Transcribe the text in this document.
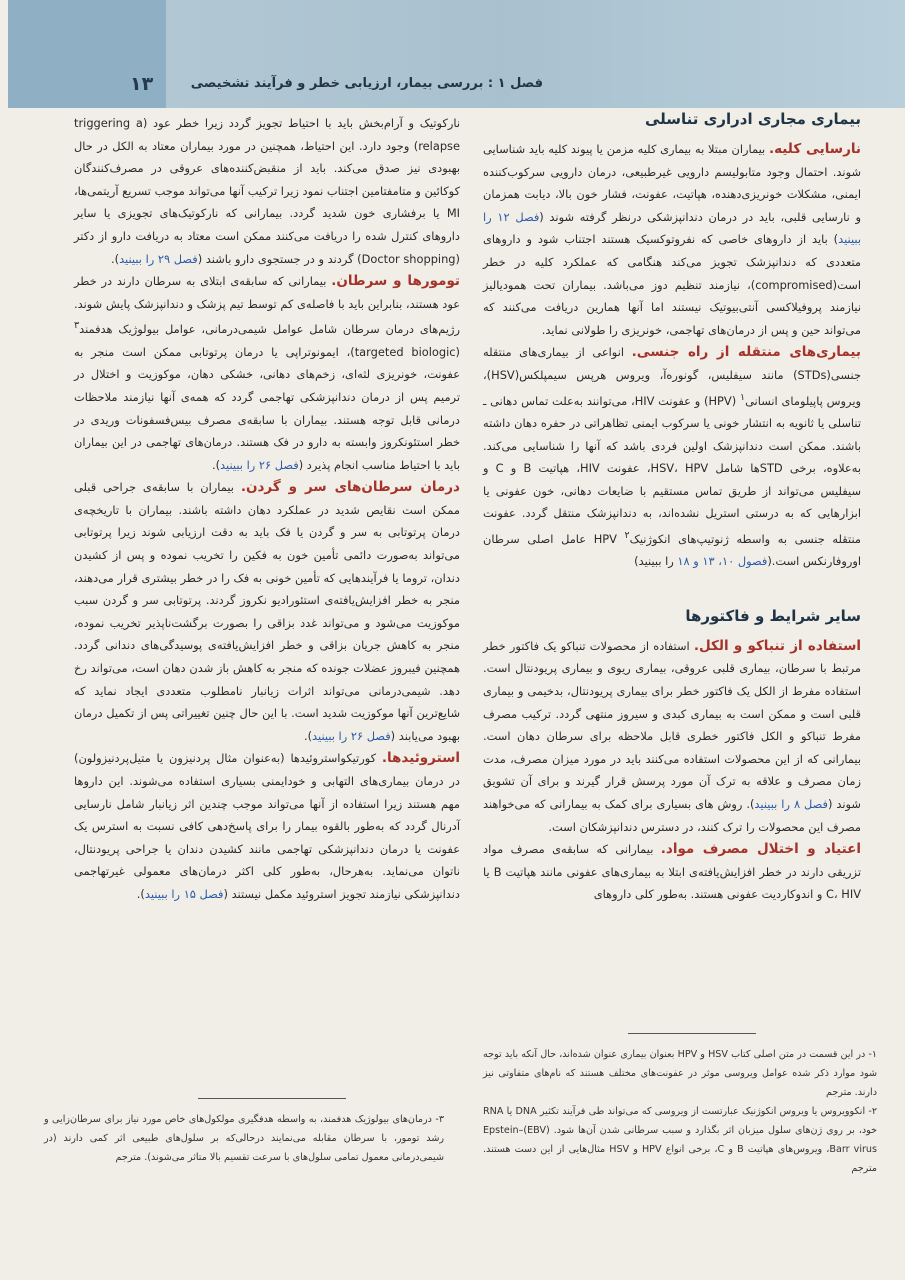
۱۳	فصل ۱ : بررسی بیمار، ارزیابی خطر و فرآیند تشخیصی
بیماری مجاری ادراری تناسلی

نارسایی کلیه. بیماران مبتلا به بیماری کلیه مزمن یا پیوند کلیه باید شناسایی شوند. احتمال وجود متابولیسم دارویی غیرطبیعی، درمان دارویی سرکوب‌کننده ایمنی، مشکلات خونریزی‌دهنده، هپاتیت، عفونت، فشار خون بالا، دیابت همزمان و نارسایی قلبی، باید در درمان دندانپزشکی درنظر گرفته شوند (فصل ۱۲ را ببینید) باید از داروهای خاصی که نفروتوکسیک هستند اجتناب شود و داروهای متعددی که دندانپزشک تجویز می‌کند هنگامی که عملکرد کلیه در خطر است(compromised)، نیازمند تنظیم دوز می‌باشد. بیماران تحت همودیالیز نیازمند پروفیلاکسی آنتی‌بیوتیک نیستند اما آنها همارین دریافت می‌کنند که می‌تواند حین و پس از درمان‌های تهاجمی، خونریزی را طولانی نماید.

بیماری‌های منتقله از راه جنسی. انواعی از بیماری‌های منتقله جنسی(STDs) مانند سیفلیس، گونوره‌آ، ویروس هرپس سیمپلکس(HSV)، ویروس پاپیلومای انسانی$^۱$ (HPV) و عفونت HIV، می‌توانند به‌علت تماس دهانی ـ تناسلی یا ثانویه به انتشار خونی یا سرکوب ایمنی تظاهراتی در حفره دهان داشته باشند. ممکن است دندانپزشک اولین فردی باشد که آنها را شناسایی می‌کند. به‌علاوه، برخی STDها شامل HSV، HPV، عفونت HIV، هپاتیت B و C و سیفلیس می‌تواند از طریق تماس مستقیم با ضایعات دهانی، خون عفونی یا ابزارهایی که به درستی استریل نشده‌اند، به دندانپزشک منتقل گردد. عفونت منتقله جنسی به واسطه ژنوتیپ‌های انکوژنیک$^۲$ HPV عامل اصلی سرطان اوروفارنکس است.(فصول ۱۰، ۱۳ و ۱۸ را ببینید)

سایر شرایط و فاکتورها

استفاده از تنباکو و الکل. استفاده از محصولات تنباکو یک فاکتور خطر مرتبط با سرطان، بیماری قلبی عروقی، بیماری ریوی و بیماری پریودنتال است. استفاده مفرط از الکل یک فاکتور خطر برای بیماری پریودنتال، بدخیمی و بیماری قلبی است و ممکن است به بیماری کبدی و سیروز منتهی گردد. ترکیب مصرف مفرط تنباکو و الکل فاکتور خطری قابل ملاحظه برای سرطان دهان است. بیمارانی که از این محصولات استفاده می‌کنند باید در مورد میزان مصرف، مدت زمان مصرف و علاقه به ترک آن مورد پرسش قرار گیرند و برای آن تشویق شوند (فصل ۸ را ببینید). روش‌ های بسیاری برای کمک به بیمارانی که می‌خواهند مصرف این محصولات را ترک کنند، در دسترس دندانپزشکان است.

اعتیاد و اختلال مصرف مواد. بیمارانی که سابقه‌ی مصرف مواد تزریقی دارند در خطر افزایش‌یافته‌ی ابتلا به بیماری‌های عفونی مانند هپاتیت B یا C، HIV و اندوکاردیت عفونی هستند. به‌طور کلی داروهای

نارکوتیک و آرام‌بخش باید با احتیاط تجویز گردد زیرا خطر عود (triggering a relapse) وجود دارد. این احتیاط، همچنین در مورد بیماران معتاد به الکل در حال بهبودی نیز صدق می‌کند. باید از منقبض‌کننده‌های عروقی در مصرف‌کنندگان کوکائین و متامفتامین اجتناب نمود زیرا ترکیب آنها می‌تواند موجب تسریع آریتمی‌ها، MI یا برفشاری خون شدید گردد. بیمارانی که نارکوتیک‌های تجویزی یا سایر داروهای کنترل شده را دریافت می‌کنند ممکن است معتاد به دریافت دارو از دکتر (Doctor shopping) گردند و در جستجوی دارو باشند (فصل ۲۹ را ببینید).

تومورها و سرطان. بیمارانی که سابقه‌ی ابتلای به سرطان دارند در خطر عود هستند، بنابراین باید با فاصله‌ی کم توسط تیم پزشک و دندانپزشک پایش شوند. رژیم‌های درمان سرطان شامل عوامل شیمی‌درمانی، عوامل بیولوژیک هدفمند$^۳$ (targeted biologic)، ایمونوتراپی یا درمان پرتوتابی ممکن است منجر به عفونت، خونریزی لثه‌ای، زخم‌های دهانی، خشکی دهان، موکوزیت و اختلال در ترمیم پس از درمان دندانپزشکی تهاجمی گردد که همه‌ی آنها نیازمند ملاحظات درمانی قابل توجه هستند. بیماران با سابقه‌ی مصرف بیس‌فسفونات وریدی در خطر استئونکروز وابسته به دارو در فک هستند. درمان‌های تهاجمی در این بیماران باید با احتیاط مناسب انجام پذیرد (فصل ۲۶ را ببینید).

درمان سرطان‌های سر و گردن. بیماران با سابقه‌ی جراحی قبلی ممکن است نقایص شدید در عملکرد دهان داشته باشند. بیماران با تاریخچه‌ی درمان پرتوتابی به سر و گردن یا فک باید به دقت ارزیابی شوند زیرا پرتوتابی می‌تواند به‌صورت دائمی تأمین خون به فکین را تخریب نموده و پس از کشیدن دندان، تروما یا فرآیندهایی که تأمین خونی به فک را در خطر بیشتری قرار می‌دهند، منجر به خطر افزایش‌یافته‌ی استئورادیو نکروز گردند. پرتوتابی سر و گردن سبب موکوزیت می‌شود و می‌تواند غدد بزاقی را بصورت برگشت‌ناپذیر تخریب نموده، منجر به کاهش جریان بزاقی و خطر افزایش‌یافته‌ی پوسیدگی‌های دندانی گردد. همچنین فیبروز عضلات جونده که منجر به کاهش باز شدن دهان است، می‌تواند رخ دهد. شیمی‌درمانی می‌تواند اثرات زیانبار نامطلوب متعددی ایجاد نماید که شایع‌ترین آنها موکوزیت شدید است. با این حال چنین تغییراتی پس از تکمیل درمان بهبود می‌یابند (فصل ۲۶ را ببینید).

استروئیدها. کورتیکواستروئیدها (به‌عنوان مثال پردنیزون یا متیل‌پردنیزولون) در درمان بیماری‌های التهابی و خودایمنی بسیاری استفاده می‌شوند. این داروها مهم هستند زیرا استفاده از آنها می‌تواند موجب چندین اثر زیانبار شامل نارسایی آدرنال گردد که به‌طور بالقوه بیمار را برای پاسخ‌دهی کافی نسبت به استرس یک عفونت یا درمان دندانپزشکی تهاجمی مانند کشیدن دندان یا جراحی پریودنتال، ناتوان می‌نماید. به‌هرحال، به‌طور کلی اکثر درمان‌های معمولی غیرتهاجمی دندانپزشکی نیازمند تجویز استروئید مکمل نیستند (فصل ۱۵ را ببینید).

۱- در این قسمت در متن اصلی کتاب HSV و HPV بعنوان بیماری عنوان شده‌اند، حال آنکه باید توجه شود موارد ذکر شده عوامل ویروسی موثر در عفونت‌های مختلف هستند که نام‌های متفاوتی نیز دارند. مترجم

۲- انکوویروس یا ویروس انکوژنیک عبارتست از ویروسی که می‌تواند طی فرآیند تکثیر DNA یا RNA خود، بر روی ژن‌های سلول میزبان اثر بگذارد و سبب سرطانی شدن آن‌ها شود. (EBV)Epstein–Barr virus، ویروس‌های هپاتیت B و C، برخی انواع HPV و HSV مثال‌هایی از این دست هستند. مترجم

۳- درمان‌های بیولوژیک هدفمند، به واسطه هدفگیری مولکول‌های خاص مورد نیاز برای سرطان‌زایی و رشد تومور، با سرطان مقابله می‌نمایند درحالی‌که بر سلول‌های طبیعی اثر کمی دارند (در شیمی‌درمانی معمول تمامی سلول‌های با سرعت تقسیم بالا متاثر می‌شوند). مترجم
